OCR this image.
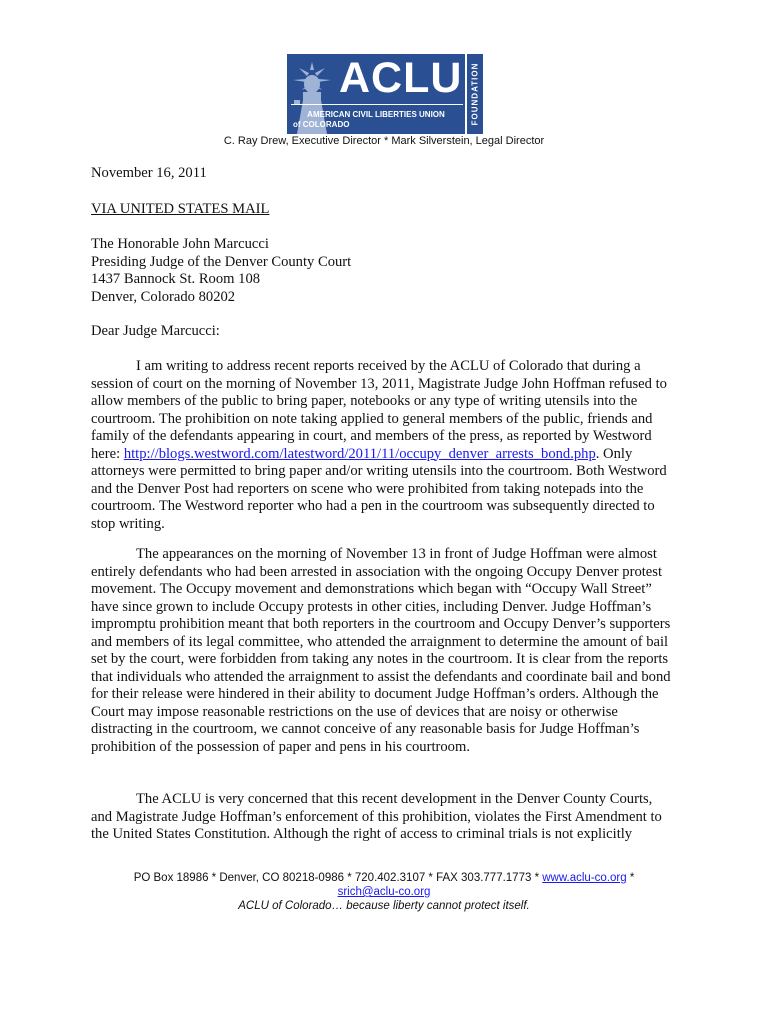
ACLU
AMERICAN CIVIL LIBERTIES UNION
of COLORADO	FOUNDATION
C. Ray Drew, Executive Director * Mark Silverstein, Legal Director
November 16, 2011
VIA UNITED STATES MAIL
The Honorable John Marcucci
Presiding Judge of the Denver County Court
1437 Bannock St. Room 108
Denver, Colorado 80202
Dear Judge Marcucci:

I am writing to address recent reports received by the ACLU of Colorado that during a session of court on the morning of November 13, 2011, Magistrate Judge John Hoffman refused to allow members of the public to bring paper, notebooks or any type of writing utensils into the courtroom. The prohibition on note taking applied to general members of the public, friends and family of the defendants appearing in court, and members of the press, as reported by Westword here: http://blogs.westword.com/latestword/2011/11/occupy_denver_arrests_bond.php. Only attorneys were permitted to bring paper and/or writing utensils into the courtroom. Both Westword and the Denver Post had reporters on scene who were prohibited from taking notepads into the courtroom. The Westword reporter who had a pen in the courtroom was subsequently directed to stop writing.

The appearances on the morning of November 13 in front of Judge Hoffman were almost entirely defendants who had been arrested in association with the ongoing Occupy Denver protest movement. The Occupy movement and demonstrations which began with “Occupy Wall Street” have since grown to include Occupy protests in other cities, including Denver. Judge Hoffman’s impromptu prohibition meant that both reporters in the courtroom and Occupy Denver’s supporters and members of its legal committee, who attended the arraignment to determine the amount of bail set by the court, were forbidden from taking any notes in the courtroom. It is clear from the reports that individuals who attended the arraignment to assist the defendants and coordinate bail and bond for their release were hindered in their ability to document Judge Hoffman’s orders. Although the Court may impose reasonable restrictions on the use of devices that are noisy or otherwise distracting in the courtroom, we cannot conceive of any reasonable basis for Judge Hoffman’s prohibition of the possession of paper and pens in his courtroom.

The ACLU is very concerned that this recent development in the Denver County Courts, and Magistrate Judge Hoffman’s enforcement of this prohibition, violates the First Amendment to the United States Constitution. Although the right of access to criminal trials is not explicitly

PO Box 18986 * Denver, CO 80218-0986 * 720.402.3107 * FAX 303.777.1773 * www.aclu-co.org *
srich@aclu-co.org
ACLU of Colorado… because liberty cannot protect itself.
